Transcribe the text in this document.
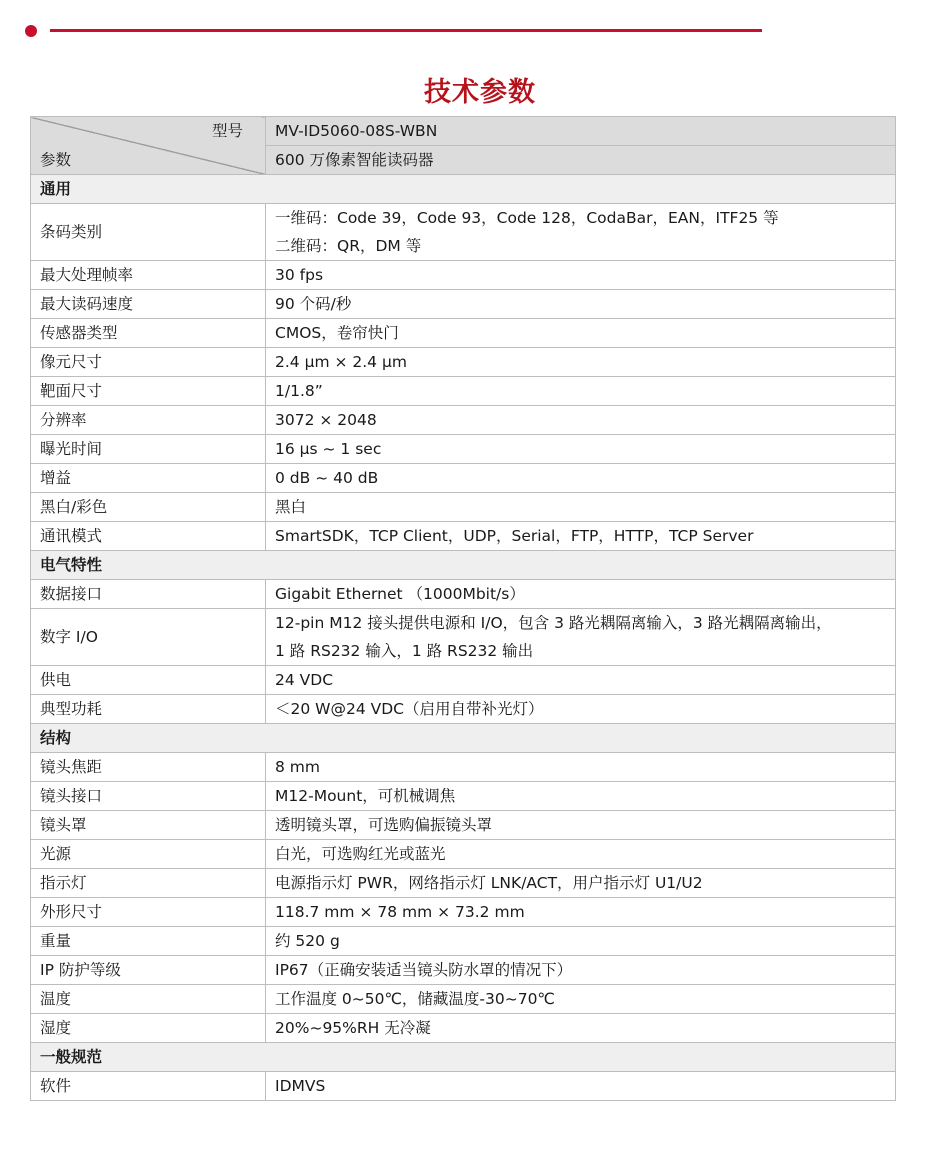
技术参数
型号
参数	MV-ID5060-08S-WBN
	600 万像素智能读码器
通用	
条码类别	一维码：Code 39，Code 93，Code 128，CodaBar，EAN，ITF25 等
二维码：QR，DM 等

最大处理帧率	30 fps

最大读码速度	90 个码/秒

传感器类型	CMOS，卷帘快门

像元尺寸	2.4 µm × 2.4 µm

靶面尺寸	1/1.8”

分辨率	3072 × 2048

曝光时间	16 µs ~ 1 sec

增益	0 dB ~ 40 dB

黑白/彩色	黑白

通讯模式	SmartSDK，TCP Client，UDP，Serial，FTP，HTTP，TCP Server

电气特性	
数据接口	Gigabit Ethernet （1000Mbit/s）

数字 I/O	12-pin M12 接头提供电源和 I/O，包含 3 路光耦隔离输入，3 路光耦隔离输出，
1 路 RS232 输入，1 路 RS232 输出

供电	24 VDC

典型功耗	＜20 W@24 VDC（启用自带补光灯）

结构	
镜头焦距	8 mm

镜头接口	M12-Mount，可机械调焦

镜头罩	透明镜头罩，可选购偏振镜头罩

光源	白光，可选购红光或蓝光

指示灯	电源指示灯 PWR，网络指示灯 LNK/ACT，用户指示灯 U1/U2

外形尺寸	118.7 mm × 78 mm × 73.2 mm

重量	约 520 g

IP 防护等级	IP67（正确安装适当镜头防水罩的情况下）

温度	工作温度 0~50℃，储藏温度-30~70℃

湿度	20%~95%RH 无冷凝

一般规范	
软件	IDMVS
